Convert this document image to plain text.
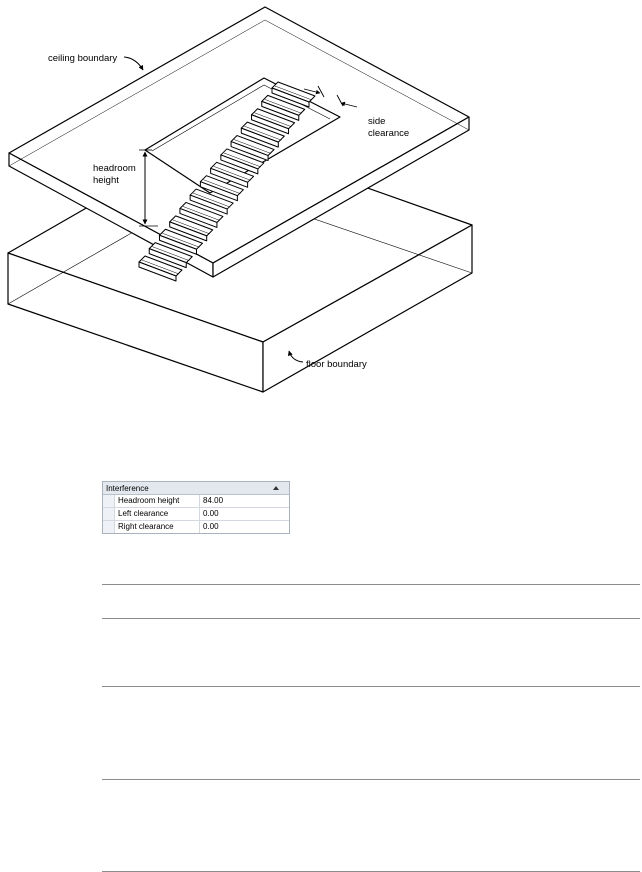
ceiling boundary
side
clearance
headroom
height
floor boundary
Interference
Headroom height	84.00
Left clearance	0.00
Right clearance	0.00
